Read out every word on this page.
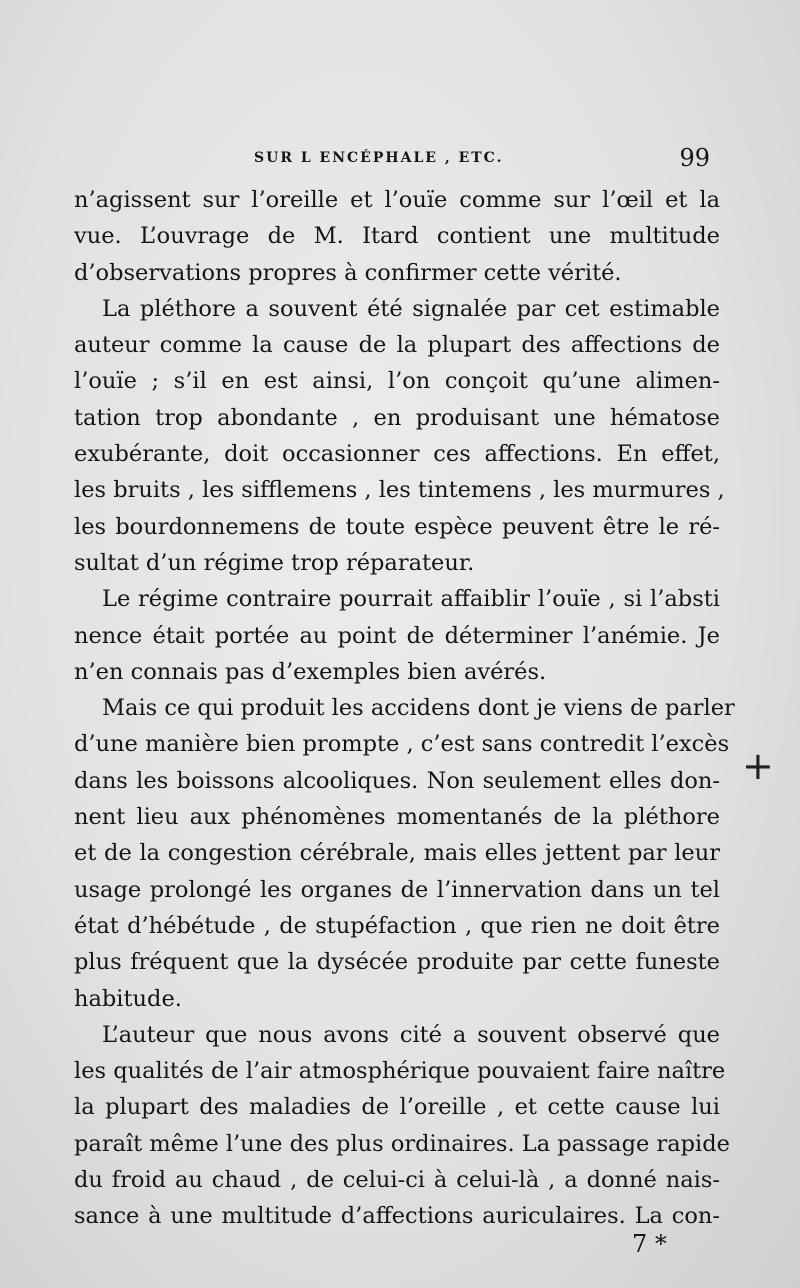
SUR L ENCÉPHALE , ETC.	99

n’agissent sur l’oreille et l’ouïe comme sur l’œil et la
vue. L’ouvrage de M. Itard contient une multitude
d’observations propres à confirmer cette vérité.

La pléthore a souvent été signalée par cet estimable
auteur comme la cause de la plupart des affections de
l’ouïe ; s’il en est ainsi, l’on conçoit qu’une alimen-
tation trop abondante , en produisant une hématose
exubérante, doit occasionner ces affections. En effet,
les bruits , les sifflemens , les tintemens , les murmures ,
les bourdonnemens de toute espèce peuvent être le ré-
sultat d’un régime trop réparateur.

Le régime contraire pourrait affaiblir l’ouïe , si l’absti
nence était portée au point de déterminer l’anémie. Je
n’en connais pas d’exemples bien avérés.

Mais ce qui produit les accidens dont je viens de parler
d’une manière bien prompte , c’est sans contredit l’excès
dans les boissons alcooliques. Non seulement elles don-
nent lieu aux phénomènes momentanés de la pléthore
et de la congestion cérébrale, mais elles jettent par leur
usage prolongé les organes de l’innervation dans un tel
état d’hébétude , de stupéfaction , que rien ne doit être
plus fréquent que la dysécée produite par cette funeste
habitude.

L’auteur que nous avons cité a souvent observé que
les qualités de l’air atmosphérique pouvaient faire naître
la plupart des maladies de l’oreille , et cette cause lui
paraît même l’une des plus ordinaires. La passage rapide
du froid au chaud , de celui-ci à celui-là , a donné nais-
sance à une multitude d’affections auriculaires. La con-

+
7 *
